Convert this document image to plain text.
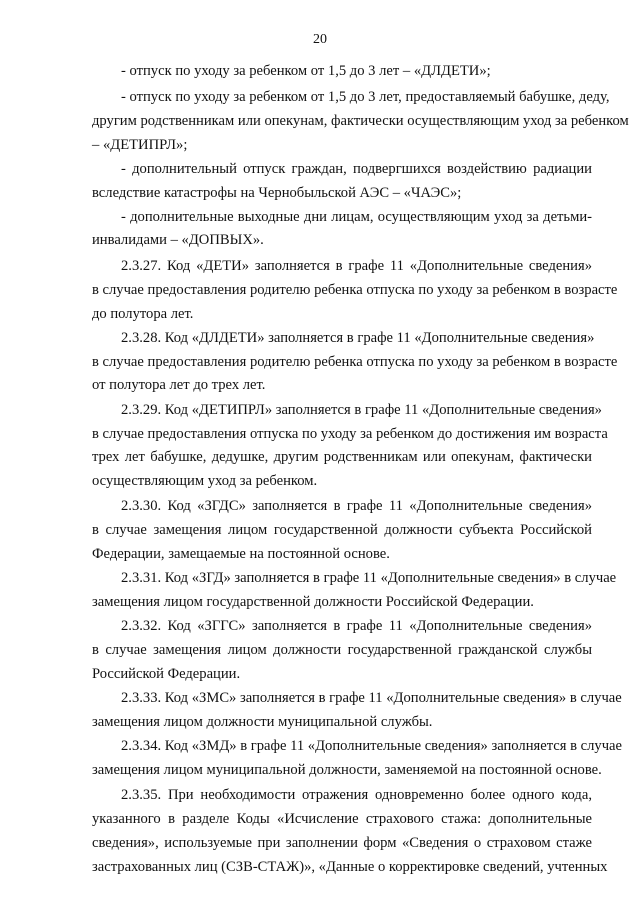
20
- отпуск по уходу за ребенком от 1,5 до 3 лет – «ДЛДЕТИ»;
- отпуск по уходу за ребенком от 1,5 до 3 лет, предоставляемый бабушке, деду,
другим родственникам или опекунам, фактически осуществляющим уход за ребенком
– «ДЕТИПРЛ»;
- дополнительный отпуск граждан, подвергшихся воздействию радиации
вследствие катастрофы на Чернобыльской АЭС – «ЧАЭС»;
- дополнительные выходные дни лицам, осуществляющим уход за детьми-
инвалидами – «ДОПВЫХ».
2.3.27. Код «ДЕТИ» заполняется в графе 11 «Дополнительные сведения»
в случае предоставления родителю ребенка отпуска по уходу за ребенком в возрасте
до полутора лет.
2.3.28. Код «ДЛДЕТИ» заполняется в графе 11 «Дополнительные сведения»
в случае предоставления родителю ребенка отпуска по уходу за ребенком в возрасте
от полутора лет до трех лет.
2.3.29. Код «ДЕТИПРЛ» заполняется в графе 11 «Дополнительные сведения»
в случае предоставления отпуска по уходу за ребенком до достижения им возраста
трех лет бабушке, дедушке, другим родственникам или опекунам, фактически
осуществляющим уход за ребенком.
2.3.30. Код «ЗГДС» заполняется в графе 11 «Дополнительные сведения»
в случае замещения лицом государственной должности субъекта Российской
Федерации, замещаемые на постоянной основе.
2.3.31. Код «ЗГД» заполняется в графе 11 «Дополнительные сведения» в случае
замещения лицом государственной должности Российской Федерации.
2.3.32. Код «ЗГГС» заполняется в графе 11 «Дополнительные сведения»
в случае замещения лицом должности государственной гражданской службы
Российской Федерации.
2.3.33. Код «ЗМС» заполняется в графе 11 «Дополнительные сведения» в случае
замещения лицом должности муниципальной службы.
2.3.34. Код «ЗМД» в графе 11 «Дополнительные сведения» заполняется в случае
замещения лицом муниципальной должности, заменяемой на постоянной основе.
2.3.35. При необходимости отражения одновременно более одного кода,
указанного в разделе Коды «Исчисление страхового стажа: дополнительные
сведения», используемые при заполнении форм «Сведения о страховом стаже
застрахованных лиц (СЗВ-СТАЖ)», «Данные о корректировке сведений, учтенных
